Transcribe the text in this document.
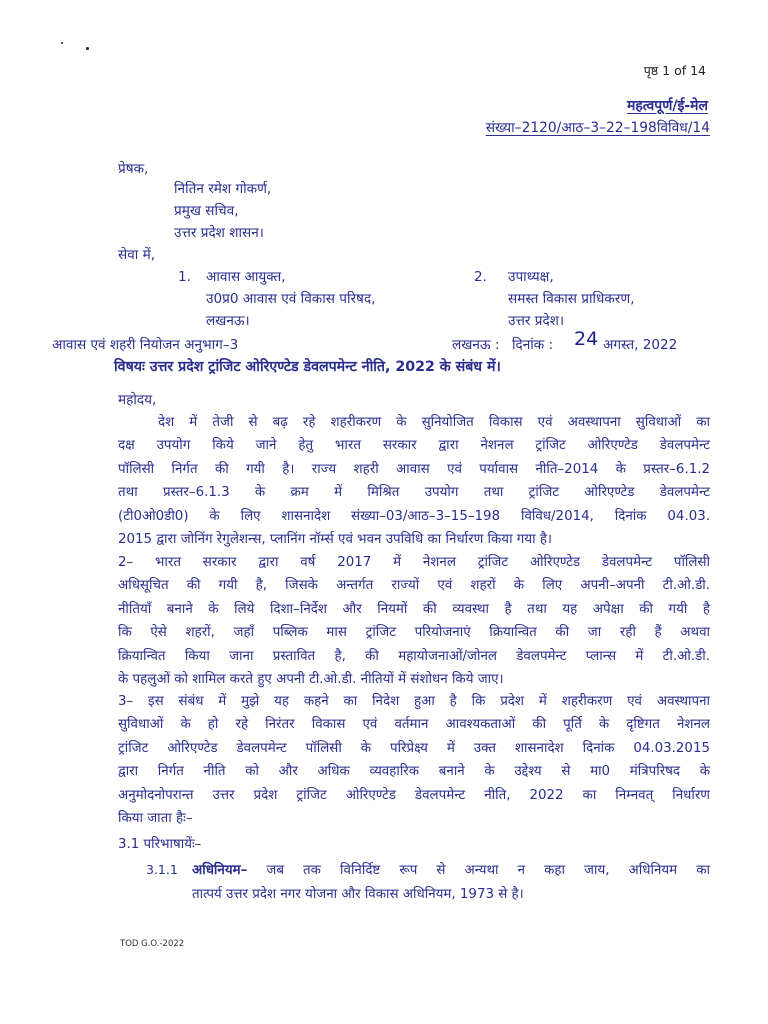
पृष्ठ 1 of 14
महत्वपूर्ण/ई-मेल
संख्या–2120/आठ–3–22–198विविध/14
प्रेषक,
नितिन रमेश गोकर्ण,
प्रमुख सचिव,
उत्तर प्रदेश शासन।
सेवा में,
1. आवास आयुक्त,
उ0प्र0 आवास एवं विकास परिषद,
लखनऊ।
2. उपाध्यक्ष,
समस्त विकास प्राधिकरण,
उत्तर प्रदेश।
आवास एवं शहरी नियोजन अनुभाग–3	लखनऊ : दिनांक : 24 अगस्त, 2022
विषयः उत्तर प्रदेश ट्रांजिट ओरिएण्टेड डेवलपमेन्ट नीति, 2022 के संबंध में।
महोदय,
देश में तेजी से बढ़ रहे शहरीकरण के सुनियोजित विकास एवं अवस्थापना सुविधाओं का
दक्ष उपयोग किये जाने हेतु भारत सरकार द्वारा नेशनल ट्रांजिट ओरिएण्टेड डेवलपमेन्ट
पॉलिसी निर्गत की गयी है। राज्य शहरी आवास एवं पर्यावास नीति–2014 के प्रस्तर–6.1.2
तथा प्रस्तर–6.1.3 के क्रम में मिश्रित उपयोग तथा ट्रांजिट ओरिएण्टेड डेवलपमेन्ट
(टी0ओ0डी0) के लिए शासनादेश संख्या–03/आठ–3–15–198 विविध/2014, दिनांक 04.03.
2015 द्वारा जोनिंग रेगुलेशन्स, प्लानिंग नॉर्म्स एवं भवन उपविधि का निर्धारण किया गया है।
2– भारत सरकार द्वारा वर्ष 2017 में नेशनल ट्रांजिट ओरिएण्टेड डेवलपमेन्ट पॉलिसी
अधिसूचित की गयी है, जिसके अन्तर्गत राज्यों एवं शहरों के लिए अपनी–अपनी टी.ओ.डी.
नीतियाँ बनाने के लिये दिशा–निर्देश और नियमों की व्यवस्था है तथा यह अपेक्षा की गयी है
कि ऐसे शहरों, जहाँ पब्लिक मास ट्रांजिट परियोजनाएं क्रियान्वित की जा रही हैं अथवा
क्रियान्वित किया जाना प्रस्तावित है, की महायोजनाओं/जोनल डेवलपमेन्ट प्लान्स में टी.ओ.डी.
के पहलुओं को शामिल करते हुए अपनी टी.ओ.डी. नीतियों में संशोधन किये जाए।
3– इस संबंध में मुझे यह कहने का निदेश हुआ है कि प्रदेश में शहरीकरण एवं अवस्थापना
सुविधाओं के हो रहे निरंतर विकास एवं वर्तमान आवश्यकताओं की पूर्ति के दृष्टिगत नेशनल
ट्रांजिट ओरिएण्टेड डेवलपमेन्ट पॉलिसी के परिप्रेक्ष्य में उक्त शासनादेश दिनांक 04.03.2015
द्वारा निर्गत नीति को और अधिक व्यवहारिक बनाने के उद्देश्य से मा0 मंत्रिपरिषद के
अनुमोदनोपरान्त उत्तर प्रदेश ट्रांजिट ओरिएण्टेड डेवलपमेन्ट नीति, 2022 का निम्नवत् निर्धारण
किया जाता हैः–
3.1 परिभाषायेंः–
3.1.1 अधिनियम– जब तक विनिर्दिष्ट रूप से अन्यथा न कहा जाय, अधिनियम का
तात्पर्य उत्तर प्रदेश नगर योजना और विकास अधिनियम, 1973 से है।
TOD G.O.-2022
